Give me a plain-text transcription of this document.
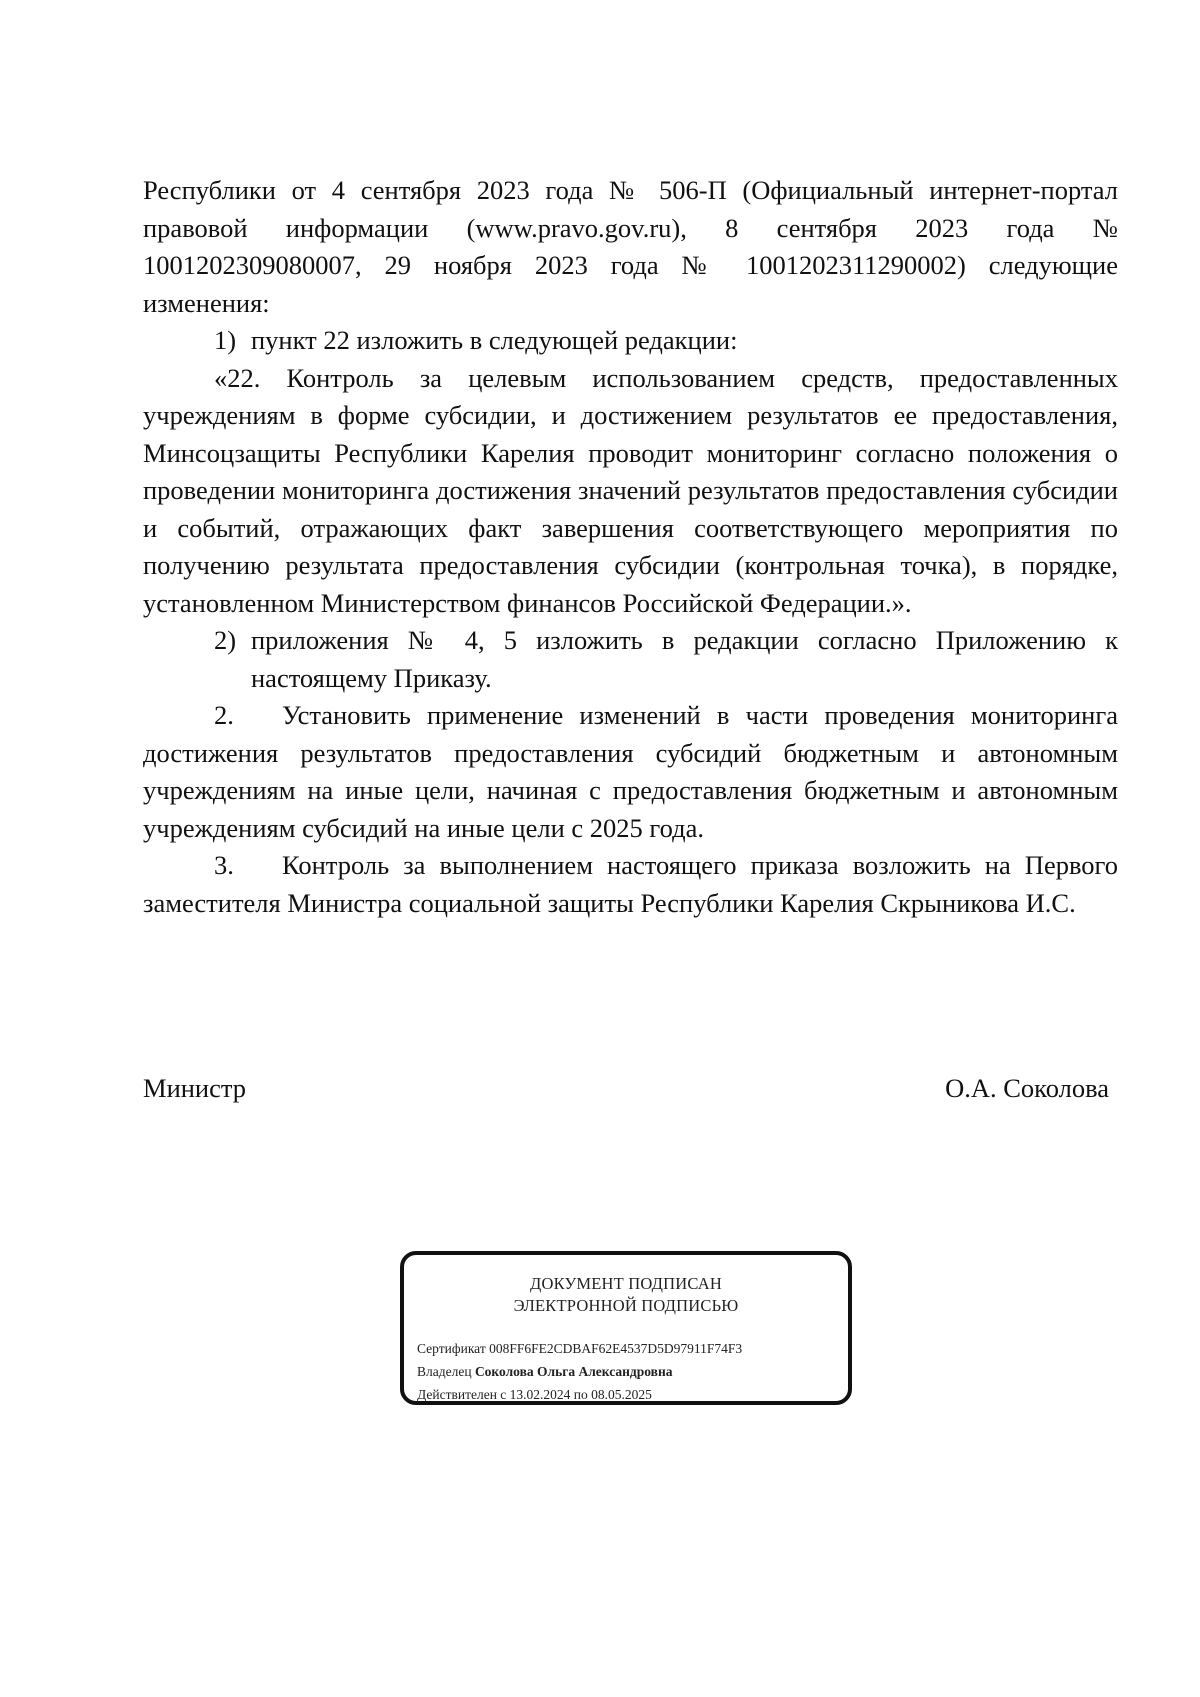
Республики от 4 сентября 2023 года № 506-П (Официальный интернет-портал правовой информации (www.pravo.gov.ru), 8 сентября 2023 года № 1001202309080007, 29 ноября 2023 года № 1001202311290002) следующие изменения:

1) пункт 22 изложить в следующей редакции:

«22. Контроль за целевым использованием средств, предоставленных учреждениям в форме субсидии, и достижением результатов ее предоставления, Минсоцзащиты Республики Карелия проводит мониторинг согласно положения о проведении мониторинга достижения значений результатов предоставления субсидии и событий, отражающих факт завершения соответствующего мероприятия по получению результата предоставления субсидии (контрольная точка), в порядке, установленном Министерством финансов Российской Федерации.».

2) приложения № 4, 5 изложить в редакции согласно Приложению к настоящему Приказу.

2. Установить применение изменений в части проведения мониторинга достижения результатов предоставления субсидий бюджетным и автономным учреждениям на иные цели, начиная с предоставления бюджетным и автономным учреждениям субсидий на иные цели с 2025 года.

3. Контроль за выполнением настоящего приказа возложить на Первого заместителя Министра социальной защиты Республики Карелия Скрыникова И.С.

Министр	О.А. Соколова
ДОКУМЕНТ ПОДПИСАН
ЭЛЕКТРОННОЙ ПОДПИСЬЮ
Сертификат 008FF6FE2CDBAF62E4537D5D97911F74F3
Владелец Соколова Ольга Александровна
Действителен с 13.02.2024 по 08.05.2025
